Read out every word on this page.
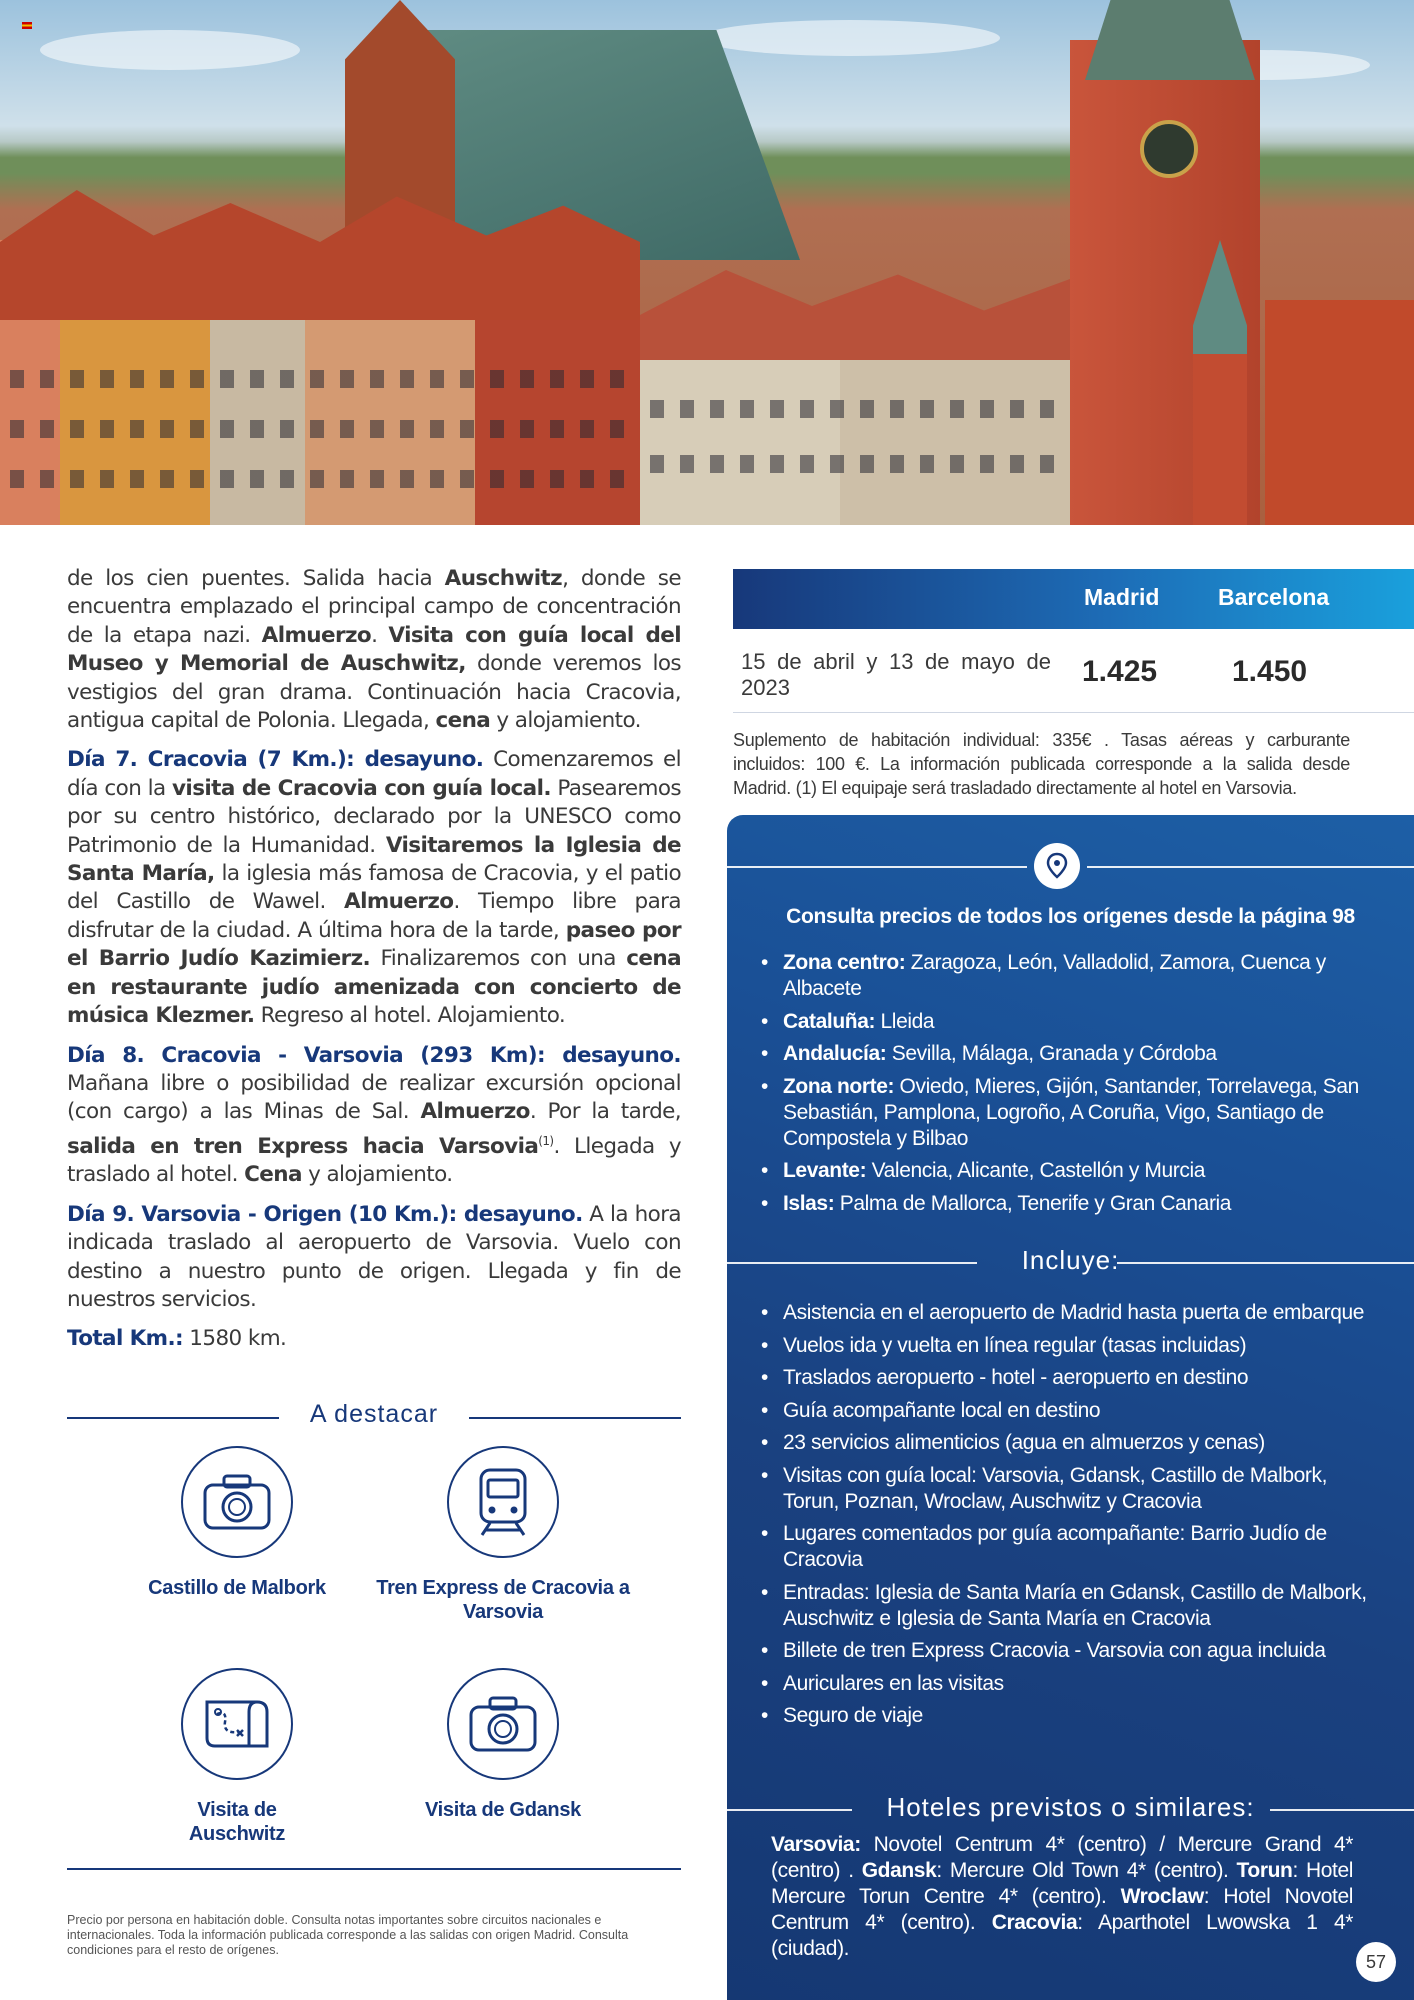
de los cien puentes. Salida hacia Auschwitz, donde se encuentra emplazado el principal campo de concentración de la etapa nazi. Almuerzo. Visita con guía local del Museo y Memorial de Auschwitz, donde veremos los vestigios del gran drama. Continuación hacia Cracovia, antigua capital de Polonia. Llegada, cena y alojamiento.

Día 7. Cracovia (7 Km.): desayuno. Comenzaremos el día con la visita de Cracovia con guía local. Pasearemos por su centro histórico, declarado por la UNESCO como Patrimonio de la Humanidad. Visitaremos la Iglesia de Santa María, la iglesia más famosa de Cracovia, y el patio del Castillo de Wawel. Almuerzo. Tiempo libre para disfrutar de la ciudad. A última hora de la tarde, paseo por el Barrio Judío Kazimierz. Finalizaremos con una cena en restaurante judío amenizada con concierto de música Klezmer. Regreso al hotel. Alojamiento.

Día 8. Cracovia - Varsovia (293 Km): desayuno. Mañana libre o posibilidad de realizar excursión opcional (con cargo) a las Minas de Sal. Almuerzo. Por la tarde, salida en tren Express hacia Varsovia$^{(1)}$. Llegada y traslado al hotel. Cena y alojamiento.

Día 9. Varsovia - Origen (10 Km.): desayuno. A la hora indicada traslado al aeropuerto de Varsovia. Vuelo con destino a nuestro punto de origen. Llegada y fin de nuestros servicios.

Total Km.: 1580 km.

A destacar
Castillo de Malbork	Tren Express de Cracovia a Varsovia
Visita de Auschwitz
Visita de Gdansk
Precio por persona en habitación doble. Consulta notas importantes sobre circuitos nacionales e internacionales. Toda la información publicada corresponde a las salidas con origen Madrid. Consulta condiciones para el resto de orígenes.
Madrid	Barcelona
15 de abril y 13 de mayo de 2023	1.425 1.450
Suplemento de habitación individual: 335€ . Tasas aéreas y carburante incluidos: 100 €. La información publicada corresponde a la salida desde Madrid. (1) El equipaje será trasladado directamente al hotel en Varsovia.
Consulta precios de todos los orígenes desde la página 98
• Zona centro: Zaragoza, León, Valladolid, Zamora, Cuenca y Albacete
• Cataluña: Lleida
• Andalucía: Sevilla, Málaga, Granada y Córdoba
• Zona norte: Oviedo, Mieres, Gijón, Santander, Torrelavega, San Sebastián, Pamplona, Logroño, A Coruña, Vigo, Santiago de Compostela y Bilbao
• Levante: Valencia, Alicante, Castellón y Murcia
• Islas: Palma de Mallorca, Tenerife y Gran Canaria
Incluye:
• Asistencia en el aeropuerto de Madrid hasta puerta de embarque
• Vuelos ida y vuelta en línea regular (tasas incluidas)
• Traslados aeropuerto - hotel - aeropuerto en destino
• Guía acompañante local en destino
• 23 servicios alimenticios (agua en almuerzos y cenas)
• Visitas con guía local: Varsovia, Gdansk, Castillo de Malbork, Torun, Poznan, Wroclaw, Auschwitz y Cracovia
• Lugares comentados por guía acompañante: Barrio Judío de Cracovia
• Entradas: Iglesia de Santa María en Gdansk, Castillo de Malbork, Auschwitz e Iglesia de Santa María en Cracovia
• Billete de tren Express Cracovia - Varsovia con agua incluida
• Auriculares en las visitas
• Seguro de viaje
Hoteles previstos o similares:
Varsovia: Novotel Centrum 4* (centro) / Mercure Grand 4* (centro) . Gdansk: Mercure Old Town 4* (centro). Torun: Hotel Mercure Torun Centre 4* (centro). Wroclaw: Hotel Novotel Centrum 4* (centro). Cracovia: Aparthotel Lwowska 1 4* (ciudad).
57
